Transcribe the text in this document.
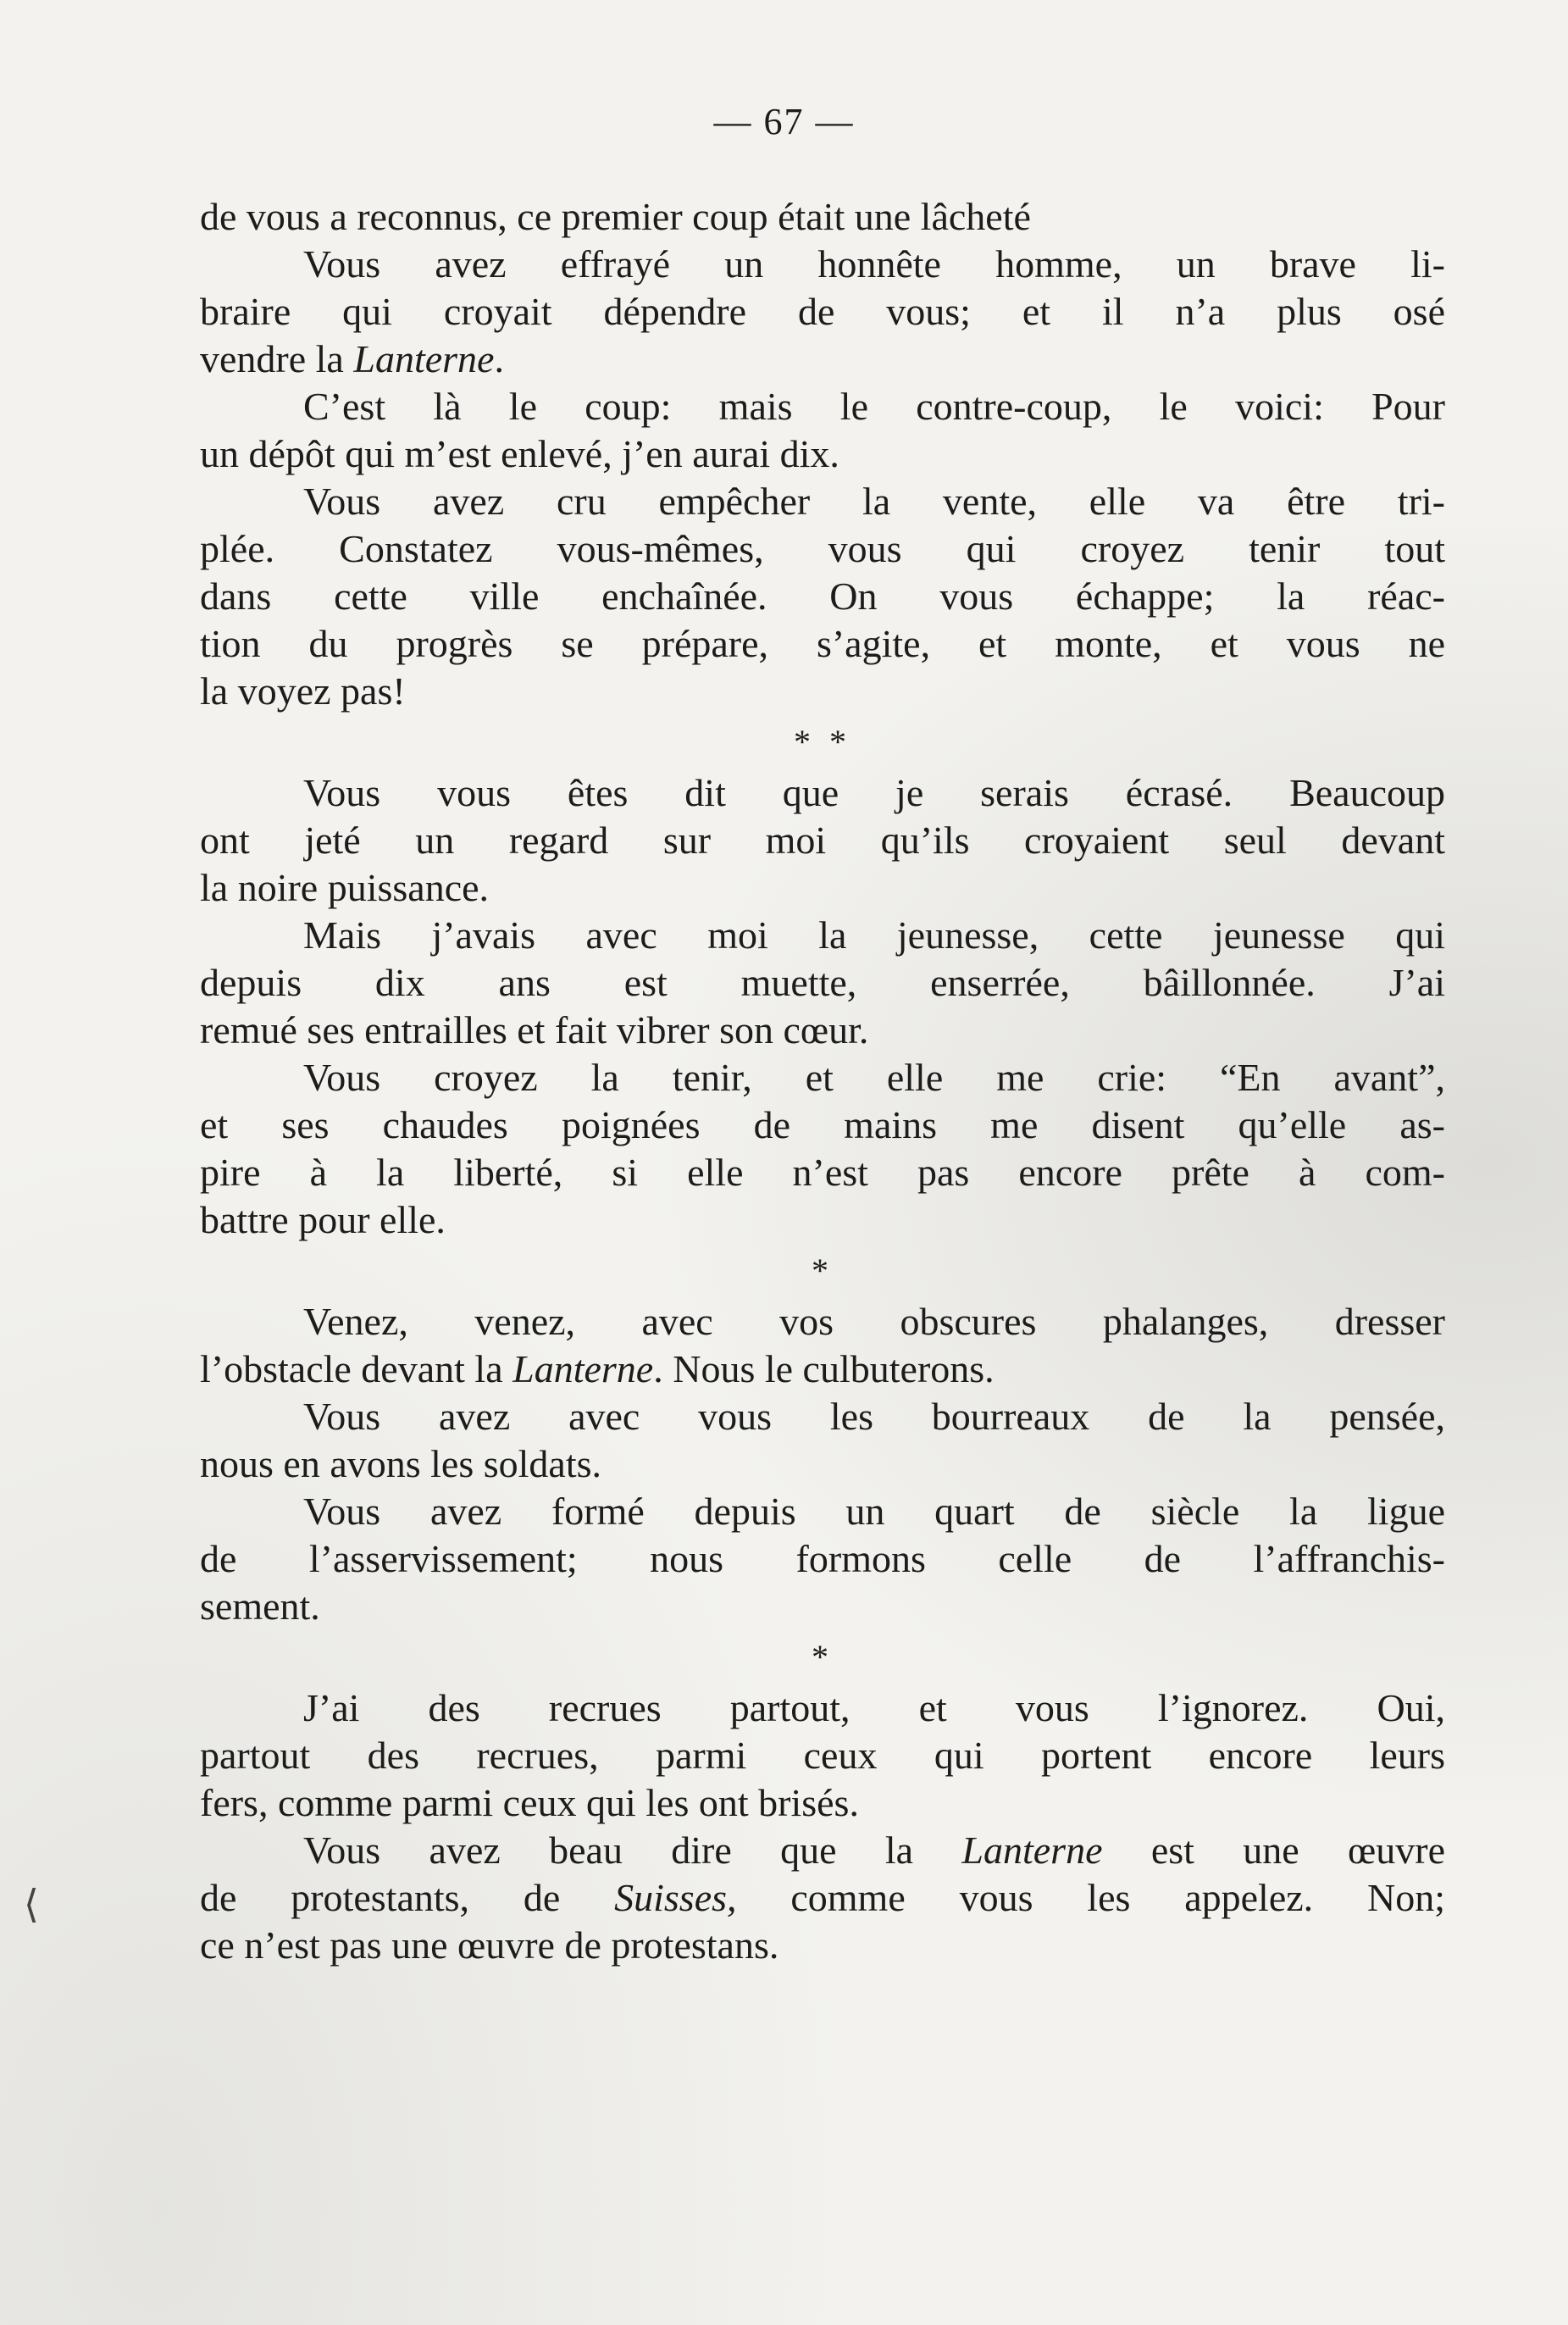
— 67 —
de vous a reconnus, ce premier coup était une lâcheté
Vous avez effrayé un honnête homme, un brave li-
braire qui croyait dépendre de vous; et il n’a plus osé
vendre la Lanterne.
C’est là le coup: mais le contre-coup, le voici: Pour
un dépôt qui m’est enlevé, j’en aurai dix.
Vous avez cru empêcher la vente, elle va être tri-
plée. Constatez vous-mêmes, vous qui croyez tenir tout
dans cette ville enchaînée. On vous échappe; la réac-
tion du progrès se prépare, s’agite, et monte, et vous ne
la voyez pas!
* *
Vous vous êtes dit que je serais écrasé. Beaucoup
ont jeté un regard sur moi qu’ils croyaient seul devant
la noire puissance.
Mais j’avais avec moi la jeunesse, cette jeunesse qui
depuis dix ans est muette, enserrée, bâillonnée. J’ai
remué ses entrailles et fait vibrer son cœur.
Vous croyez la tenir, et elle me crie: “En avant”,
et ses chaudes poignées de mains me disent qu’elle as-
pire à la liberté, si elle n’est pas encore prête à com-
battre pour elle.
*
Venez, venez, avec vos obscures phalanges, dresser
l’obstacle devant la Lanterne. Nous le culbuterons.
Vous avez avec vous les bourreaux de la pensée,
nous en avons les soldats.
Vous avez formé depuis un quart de siècle la ligue
de l’asservissement; nous formons celle de l’affranchis-
sement.
*
J’ai des recrues partout, et vous l’ignorez. Oui,
partout des recrues, parmi ceux qui portent encore leurs
fers, comme parmi ceux qui les ont brisés.
Vous avez beau dire que la Lanterne est une œuvre
de protestants, de Suisses, comme vous les appelez. Non;
ce n’est pas une œuvre de protestans.
⟨
